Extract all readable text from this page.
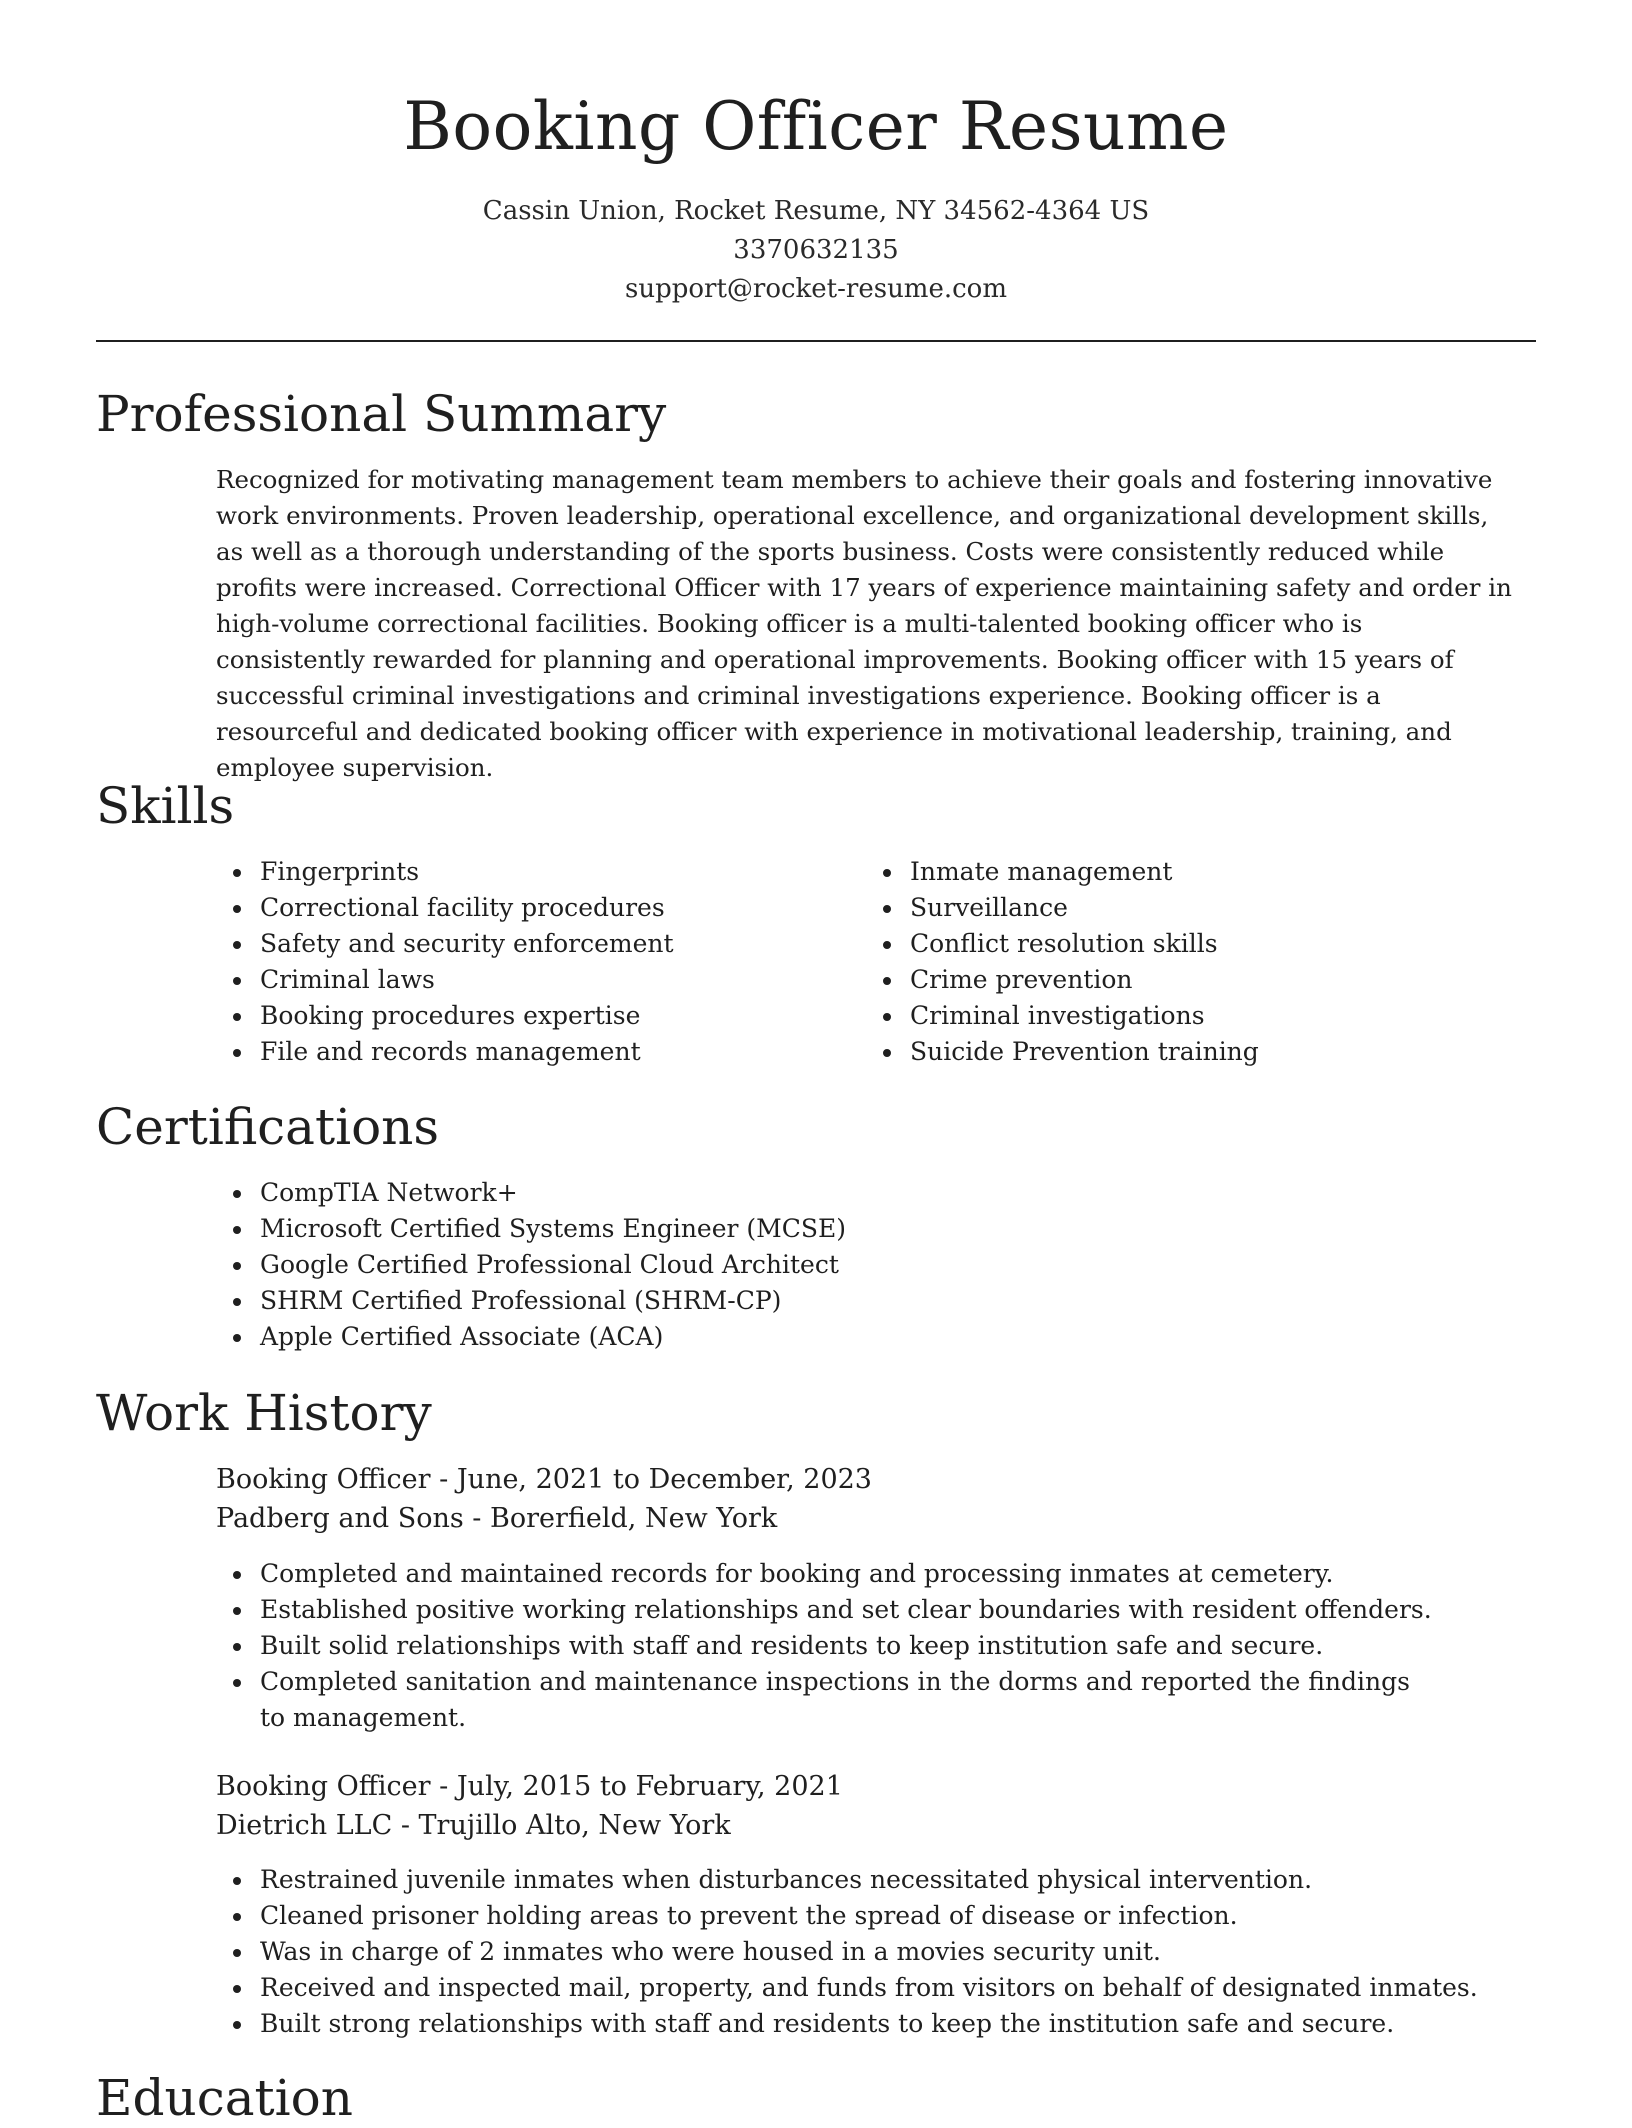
Booking Officer Resume
Cassin Union, Rocket Resume, NY 34562-4364 US
3370632135
support@rocket-resume.com
Professional Summary

Recognized for motivating management team members to achieve their goals and fostering innovative work environments. Proven leadership, operational excellence, and organizational development skills, as well as a thorough understanding of the sports business. Costs were consistently reduced while profits were increased. Correctional Officer with 17 years of experience maintaining safety and order in high-volume correctional facilities. Booking officer is a multi-talented booking officer who is consistently rewarded for planning and operational improvements. Booking officer with 15 years of successful criminal investigations and criminal investigations experience. Booking officer is a resourceful and dedicated booking officer with experience in motivational leadership, training, and employee supervision.

Skills
Fingerprints
Correctional facility procedures
Safety and security enforcement
Criminal laws
Booking procedures expertise
File and records management
Inmate management
Surveillance
Conflict resolution skills
Crime prevention
Criminal investigations
Suicide Prevention training
Certifications
CompTIA Network+
Microsoft Certified Systems Engineer (MCSE)
Google Certified Professional Cloud Architect
SHRM Certified Professional (SHRM-CP)
Apple Certified Associate (ACA)
Work History

Booking Officer - June, 2021 to December, 2023

Padberg and Sons - Borerfield, New York

Completed and maintained records for booking and processing inmates at cemetery.
Established positive working relationships and set clear boundaries with resident offenders.
Built solid relationships with staff and residents to keep institution safe and secure.
Completed sanitation and maintenance inspections in the dorms and reported the findings to management.

Booking Officer - July, 2015 to February, 2021

Dietrich LLC - Trujillo Alto, New York

Restrained juvenile inmates when disturbances necessitated physical intervention.
Cleaned prisoner holding areas to prevent the spread of disease or infection.
Was in charge of 2 inmates who were housed in a movies security unit.
Received and inspected mail, property, and funds from visitors on behalf of designated inmates.
Built strong relationships with staff and residents to keep the institution safe and secure.
Education
